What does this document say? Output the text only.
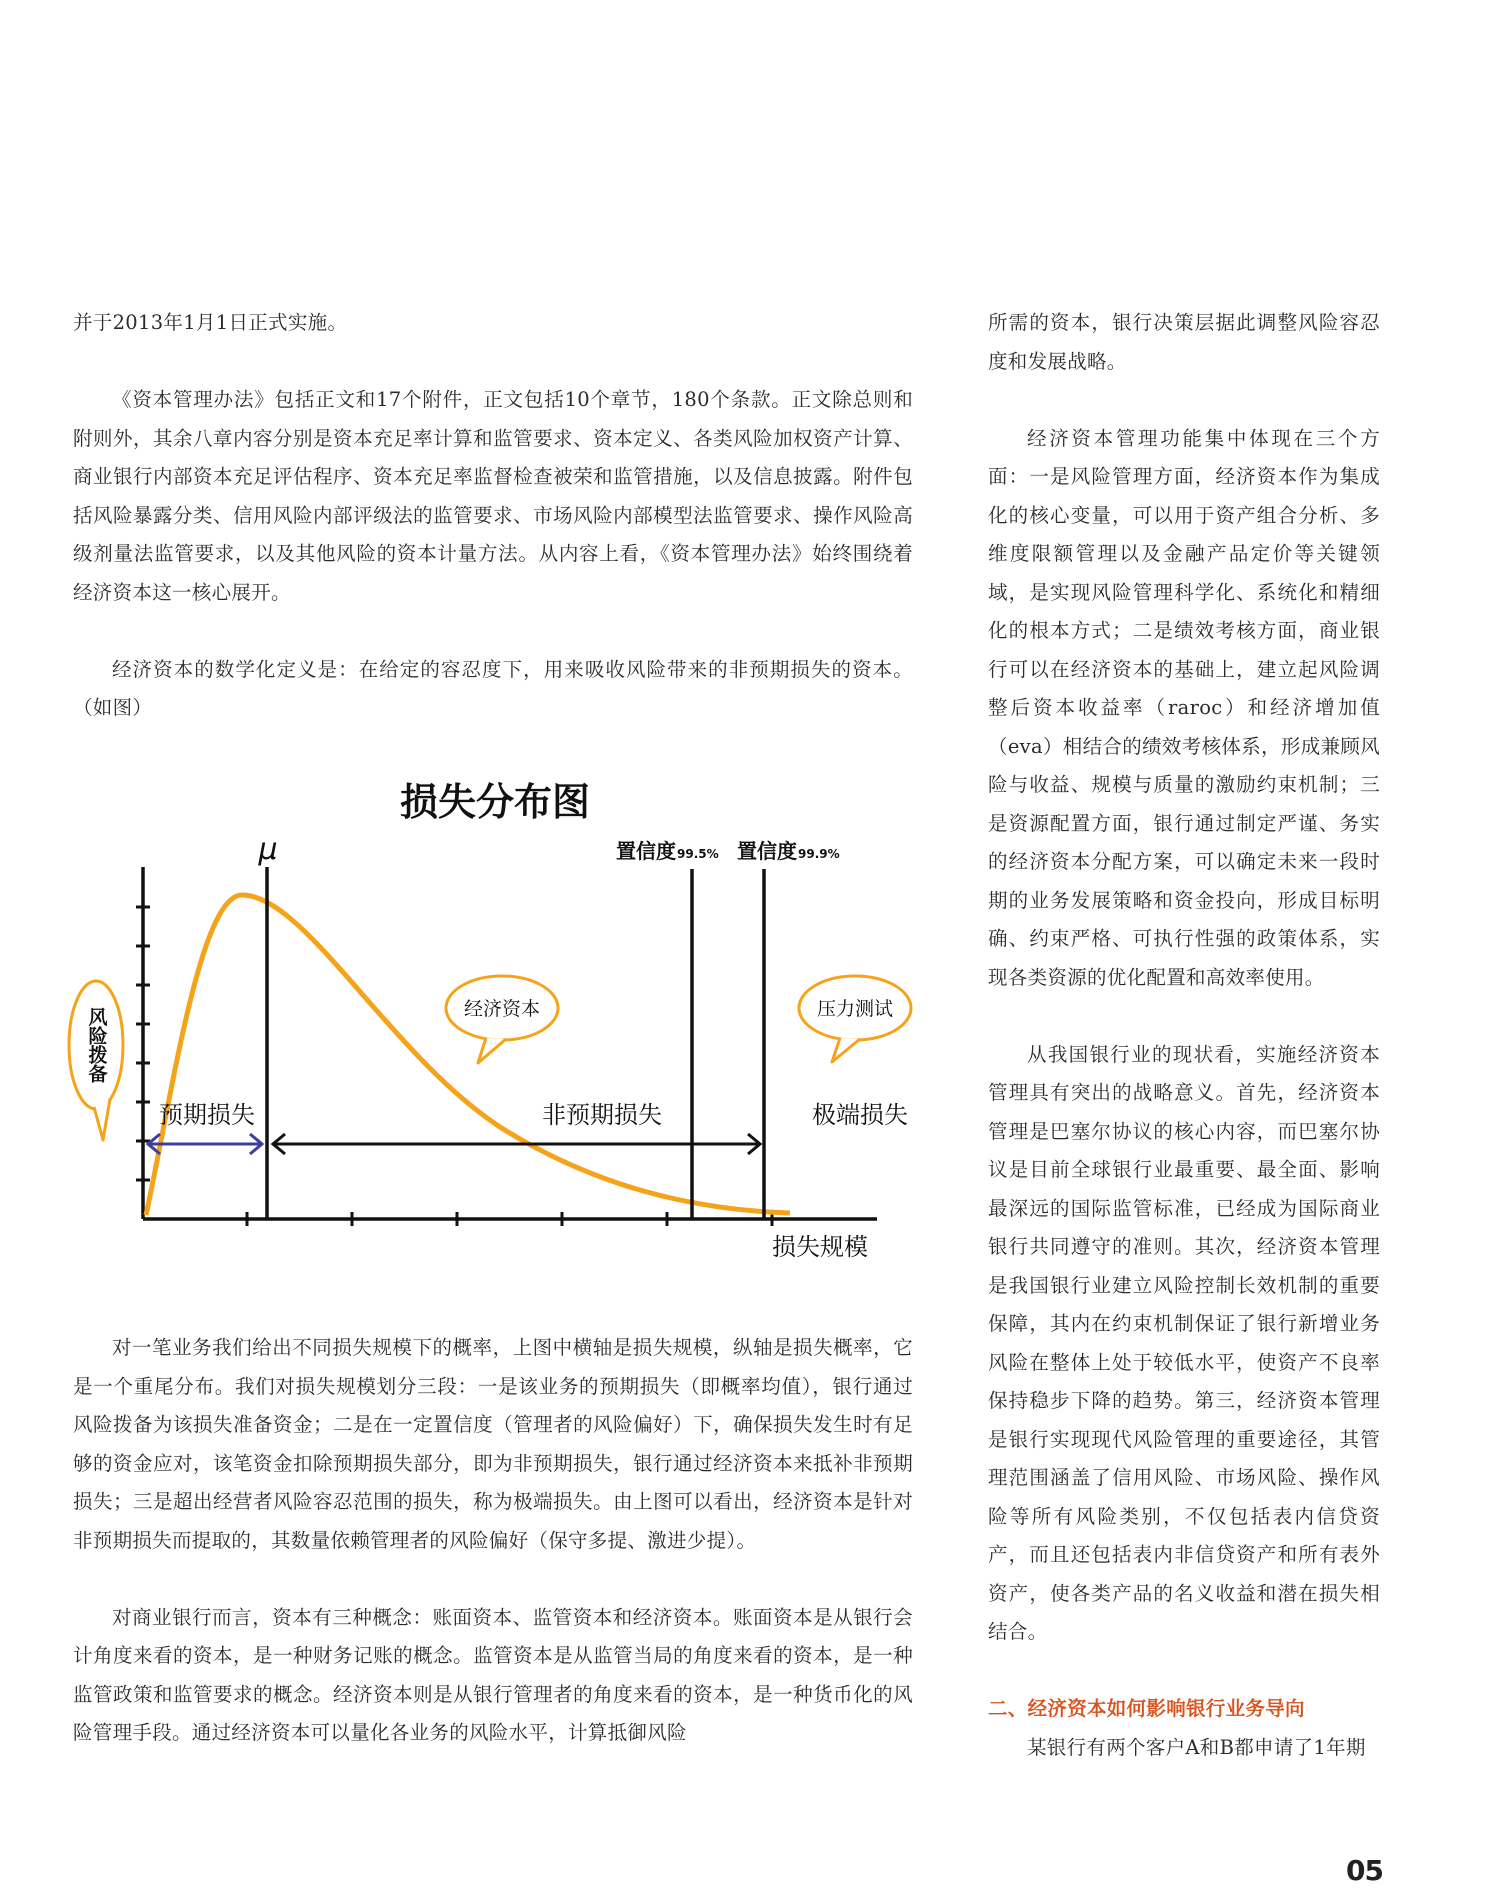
并于2013年1月1日正式实施。

《资本管理办法》包括正文和17个附件，正文包括10个章节，180个条款。正文除总则和附则外，其余八章内容分别是资本充足率计算和监管要求、资本定义、各类风险加权资产计算、商业银行内部资本充足评估程序、资本充足率监督检查被荣和监管措施，以及信息披露。附件包括风险暴露分类、信用风险内部评级法的监管要求、市场风险内部模型法监管要求、操作风险高级剂量法监管要求，以及其他风险的资本计量方法。从内容上看，《资本管理办法》始终围绕着经济资本这一核心展开。

经济资本的数学化定义是：在给定的容忍度下，用来吸收风险带来的非预期损失的资本。（如图）

损失分布图
μ	置信度 99.5% 置信度 99.9%
经济资本	压力测试
风险拨备
预期损失	非预期损失	极端损失
损失规模

对一笔业务我们给出不同损失规模下的概率，上图中横轴是损失规模，纵轴是损失概率，它是一个重尾分布。我们对损失规模划分三段：一是该业务的预期损失（即概率均值），银行通过风险拨备为该损失准备资金；二是在一定置信度（管理者的风险偏好）下，确保损失发生时有足够的资金应对，该笔资金扣除预期损失部分，即为非预期损失，银行通过经济资本来抵补非预期损失；三是超出经营者风险容忍范围的损失，称为极端损失。由上图可以看出，经济资本是针对非预期损失而提取的，其数量依赖管理者的风险偏好（保守多提、激进少提）。

对商业银行而言，资本有三种概念：账面资本、监管资本和经济资本。账面资本是从银行会计角度来看的资本，是一种财务记账的概念。监管资本是从监管当局的角度来看的资本，是一种监管政策和监管要求的概念。经济资本则是从银行管理者的角度来看的资本，是一种货币化的风险管理手段。通过经济资本可以量化各业务的风险水平，计算抵御风险

所需的资本，银行决策层据此调整风险容忍度和发展战略。

经济资本管理功能集中体现在三个方面：一是风险管理方面，经济资本作为集成化的核心变量，可以用于资产组合分析、多维度限额管理以及金融产品定价等关键领域，是实现风险管理科学化、系统化和精细化的根本方式；二是绩效考核方面，商业银行可以在经济资本的基础上，建立起风险调整后资本收益率（raroc）和经济增加值（eva）相结合的绩效考核体系，形成兼顾风险与收益、规模与质量的激励约束机制；三是资源配置方面，银行通过制定严谨、务实的经济资本分配方案，可以确定未来一段时期的业务发展策略和资金投向，形成目标明确、约束严格、可执行性强的政策体系，实现各类资源的优化配置和高效率使用。

从我国银行业的现状看，实施经济资本管理具有突出的战略意义。首先，经济资本管理是巴塞尔协议的核心内容，而巴塞尔协议是目前全球银行业最重要、最全面、影响最深远的国际监管标准，已经成为国际商业银行共同遵守的准则。其次，经济资本管理是我国银行业建立风险控制长效机制的重要保障，其内在约束机制保证了银行新增业务风险在整体上处于较低水平，使资产不良率保持稳步下降的趋势。第三，经济资本管理是银行实现现代风险管理的重要途径，其管理范围涵盖了信用风险、市场风险、操作风险等所有风险类别，不仅包括表内信贷资产，而且还包括表内非信贷资产和所有表外资产，使各类产品的名义收益和潜在损失相结合。

二、经济资本如何影响银行业务导向

某银行有两个客户A和B都申请了1年期

05
